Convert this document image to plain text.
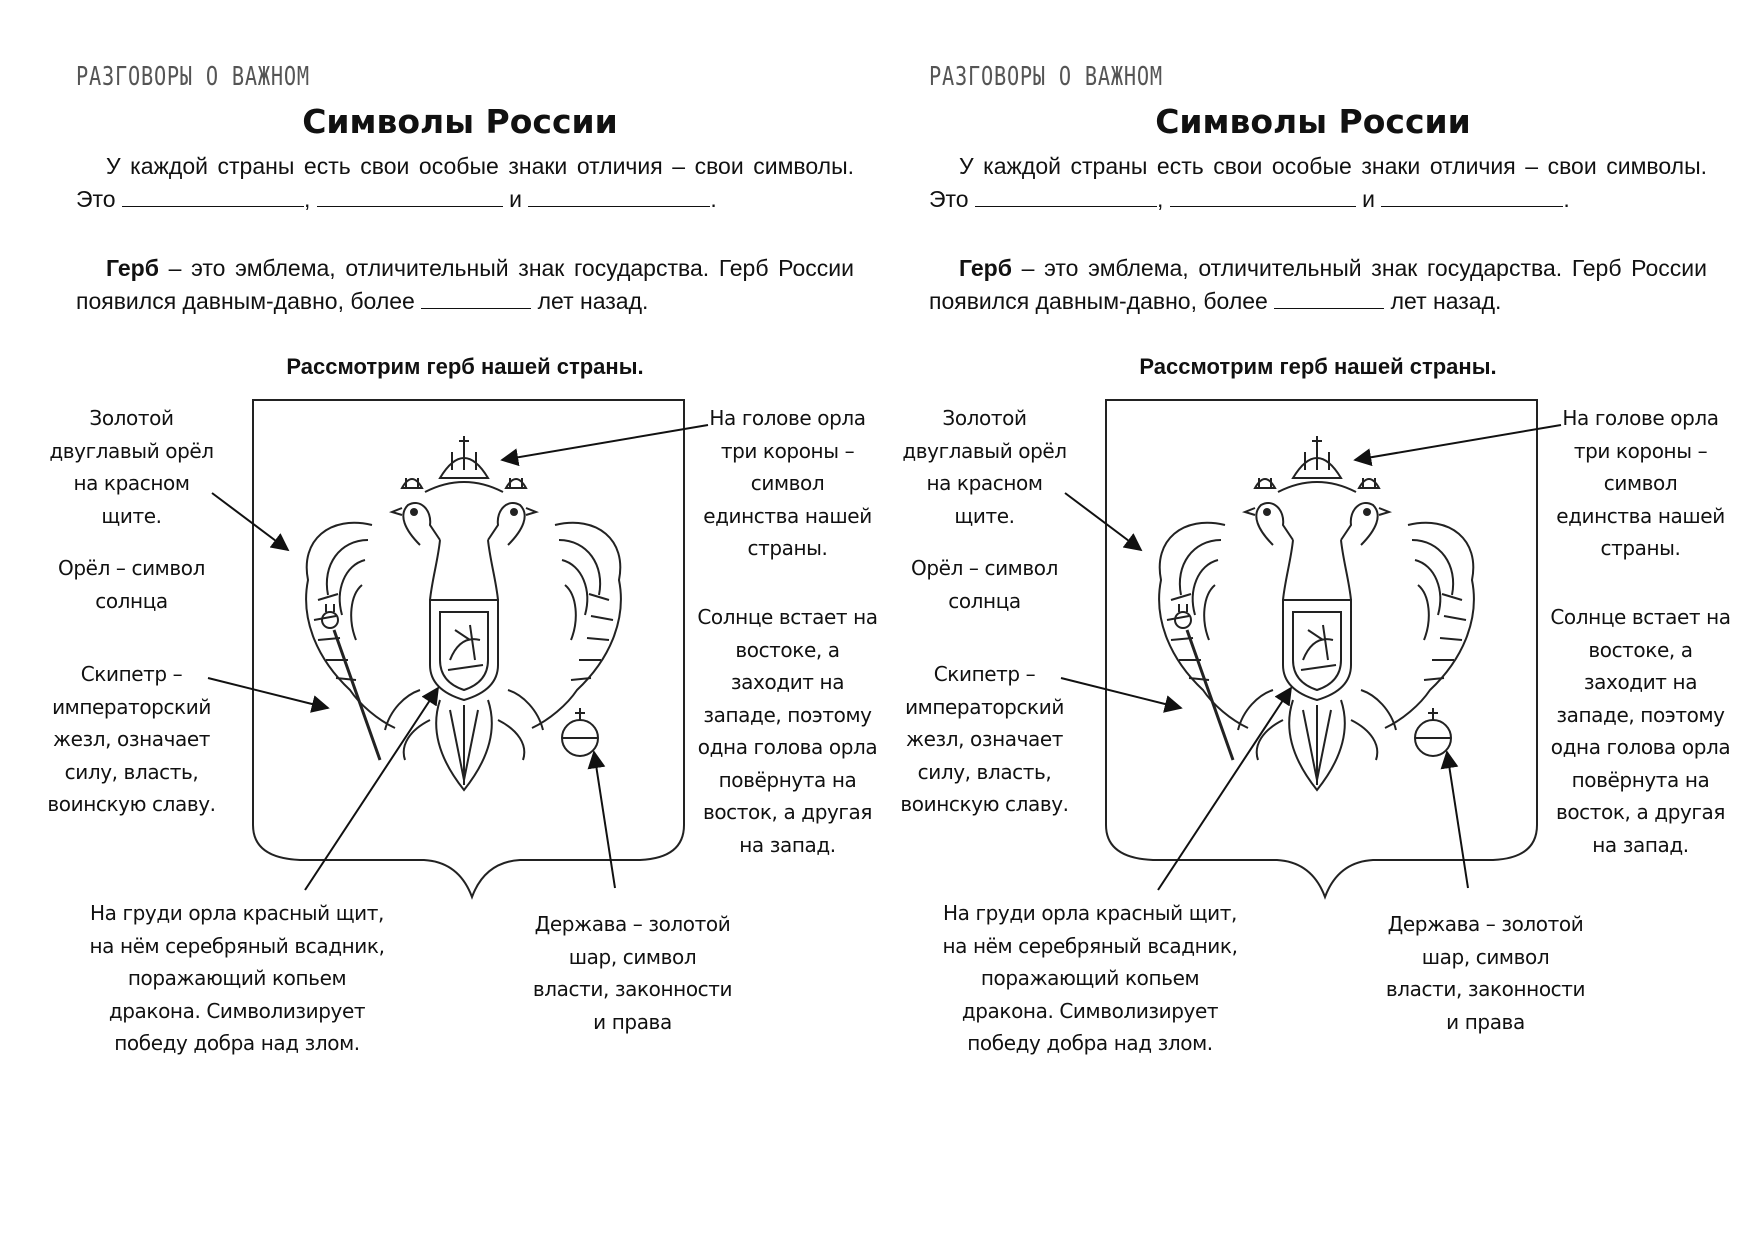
РАЗГОВОРЫ О ВАЖНОМ
Символы России
У каждой страны есть свои особые знаки отличия – свои символы. Это	,	и	.
Герб – это эмблема, отличительный знак государства. Герб России появился давным-давно, более	лет назад.
Рассмотрим герб нашей страны.
Золотой двуглавый орёл на красном щите.
Орёл – символ солнца
Скипетр – императорский жезл, означает силу, власть, воинскую славу.
На голове орла три короны – символ единства нашей страны.
Солнце встает на востоке, а заходит на западе, поэтому одна голова орла повёрнута на восток, а другая на запад.
На груди орла красный щит, на нём серебряный всадник, поражающий копьем дракона. Символизирует победу добра над злом.
Держава – золотой шар, символ власти, законности и права
РАЗГОВОРЫ О ВАЖНОМ
Символы России
У каждой страны есть свои особые знаки отличия – свои символы. Это	,	и	.
Герб – это эмблема, отличительный знак государства. Герб России появился давным-давно, более	лет назад.
Рассмотрим герб нашей страны.
Золотой двуглавый орёл на красном щите.
Орёл – символ солнца
Скипетр – императорский жезл, означает силу, власть, воинскую славу.
На голове орла три короны – символ единства нашей страны.
Солнце встает на востоке, а заходит на западе, поэтому одна голова орла повёрнута на восток, а другая на запад.
На груди орла красный щит, на нём серебряный всадник, поражающий копьем дракона. Символизирует победу добра над злом.
Держава – золотой шар, символ власти, законности и права
